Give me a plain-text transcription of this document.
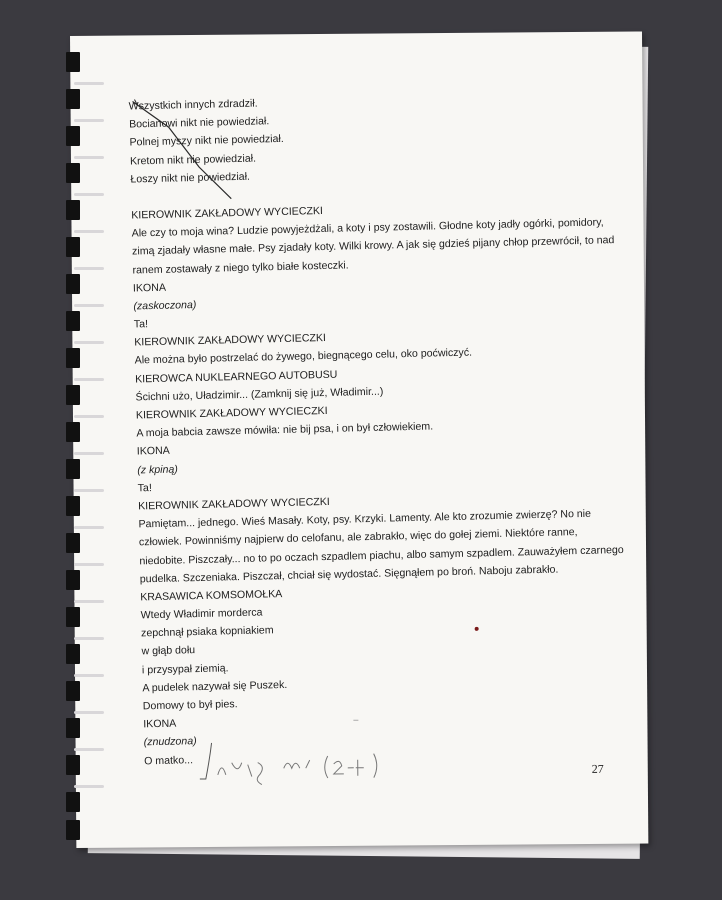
Wszystkich innych zdradził.
Bocianowi nikt nie powiedział.
Polnej myszy nikt nie powiedział.
Kretom nikt nie powiedział.
Łoszy nikt nie powiedział.
KIEROWNIK ZAKŁADOWY WYCIECZKI
Ale czy to moja wina? Ludzie powyjeżdżali, a koty i psy zostawili. Głodne koty jadły ogórki, pomidory,
zimą zjadały własne małe. Psy zjadały koty. Wilki krowy. A jak się gdzieś pijany chłop przewrócił, to nad
ranem zostawały z niego tylko białe kosteczki.
IKONA
(zaskoczona)
Ta!
KIEROWNIK ZAKŁADOWY WYCIECZKI
Ale można było postrzelać do żywego, biegnącego celu, oko poćwiczyć.
KIEROWCA NUKLEARNEGO AUTOBUSU
Ścichni użo, Uładzimir... (Zamknij się już, Władimir...)
KIEROWNIK ZAKŁADOWY WYCIECZKI
A moja babcia zawsze mówiła: nie bij psa, i on był człowiekiem.
IKONA
(z kpiną)
Ta!
KIEROWNIK ZAKŁADOWY WYCIECZKI
Pamiętam... jednego. Wieś Masały. Koty, psy. Krzyki. Lamenty. Ale kto zrozumie zwierzę? No nie
człowiek. Powinniśmy najpierw do celofanu, ale zabrakło, więc do gołej ziemi. Niektóre ranne,
niedobite. Piszczały... no to po oczach szpadlem piachu, albo samym szpadlem. Zauważyłem czarnego
pudelka. Szczeniaka. Piszczał, chciał się wydostać. Sięgnąłem po broń. Naboju zabrakło.
KRASAWICA KOMSOMOŁKA
Wtedy Władimir morderca
zepchnął psiaka kopniakiem
w głąb dołu
i przysypał ziemią.
A pudelek nazywał się Puszek.
Domowy to był pies.
IKONA
(znudzona)
O matko...
27
